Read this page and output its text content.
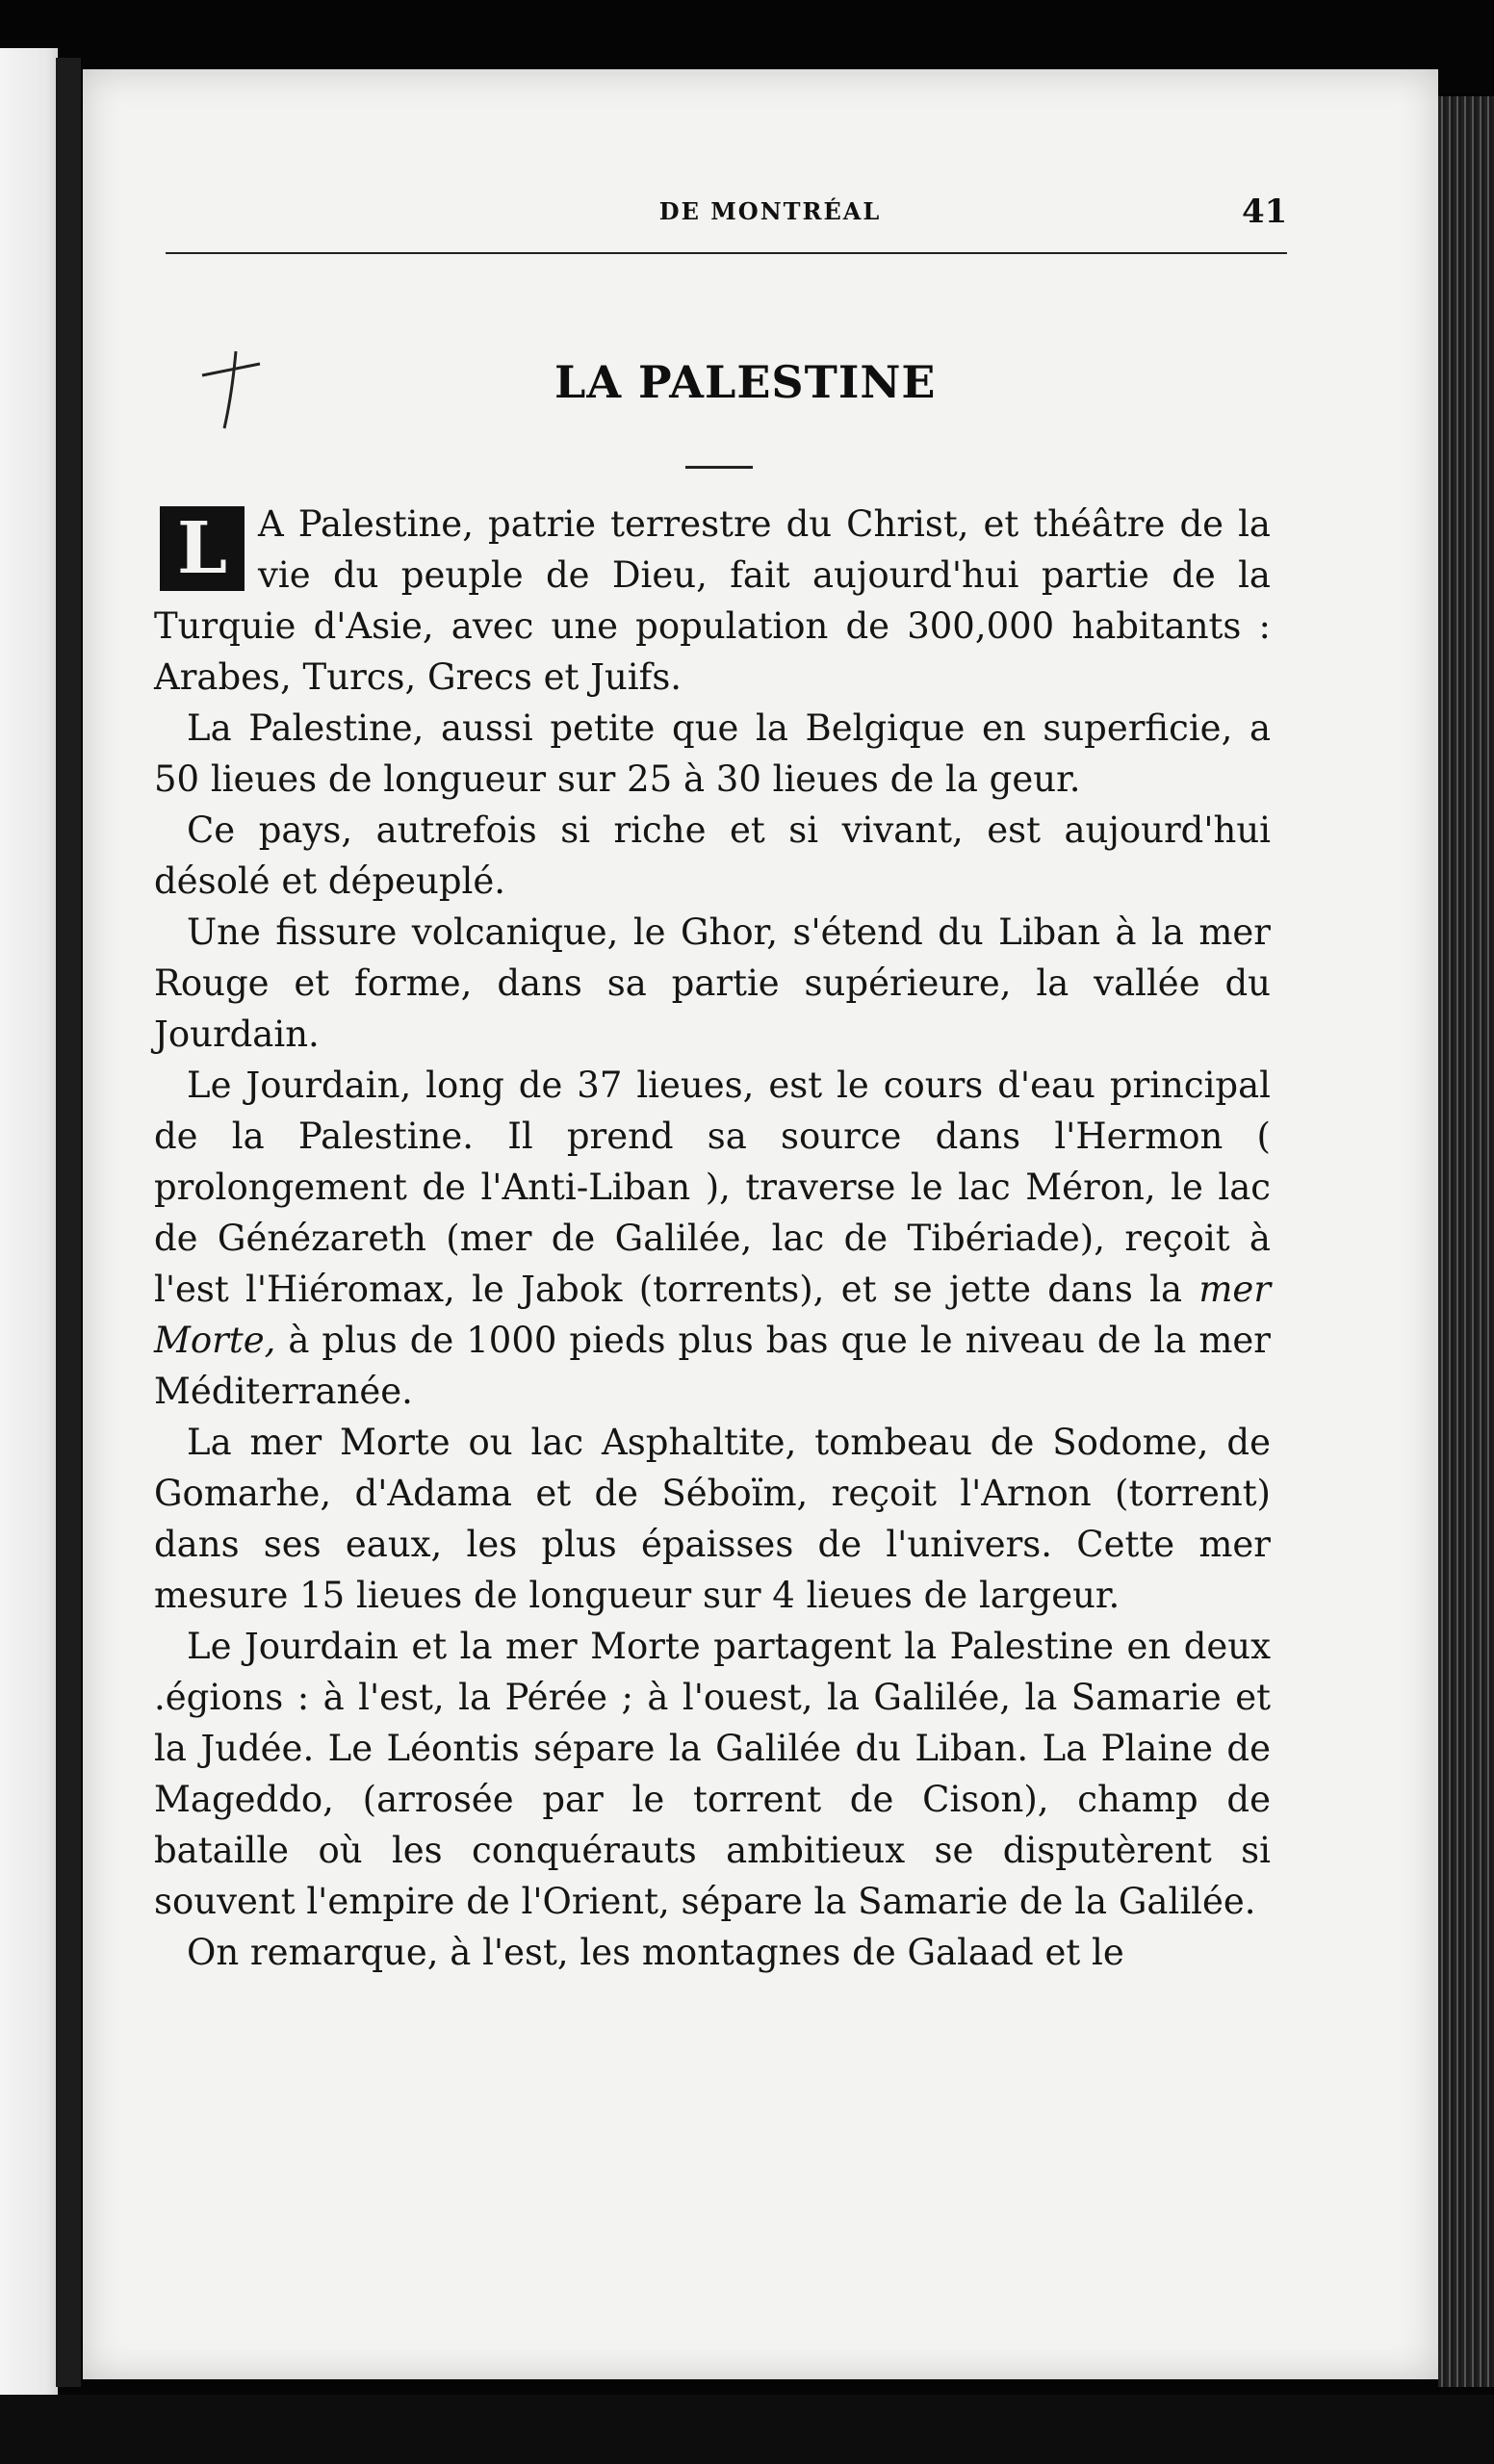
DE MONTRÉAL	41
LA PALESTINE

L A Palestine, patrie terrestre du Christ, et théâtre de la vie du peuple de Dieu, fait aujourd'hui partie de la Turquie d'Asie, avec une population de 300,000 habitants : Arabes, Turcs, Grecs et Juifs.

La Palestine, aussi petite que la Belgique en superficie, a 50 lieues de longueur sur 25 à 30 lieues de la geur.

Ce pays, autrefois si riche et si vivant, est aujourd'hui désolé et dépeuplé.

Une fissure volcanique, le Ghor, s'étend du Liban à la mer Rouge et forme, dans sa partie supérieure, la vallée du Jourdain.

Le Jourdain, long de 37 lieues, est le cours d'eau principal de la Palestine. Il prend sa source dans l'Hermon ( prolongement de l'Anti-Liban ), traverse le lac Méron, le lac de Génézareth (mer de Galilée, lac de Tibériade), reçoit à l'est l'Hiéromax, le Jabok (torrents), et se jette dans la mer Morte, à plus de 1000 pieds plus bas que le niveau de la mer Méditerranée.

La mer Morte ou lac Asphaltite, tombeau de Sodome, de Gomarhe, d'Adama et de Séboïm, reçoit l'Arnon (torrent) dans ses eaux, les plus épaisses de l'univers. Cette mer mesure 15 lieues de longueur sur 4 lieues de largeur.

Le Jourdain et la mer Morte partagent la Palestine en deux .égions : à l'est, la Pérée ; à l'ouest, la Galilée, la Samarie et la Judée. Le Léontis sépare la Galilée du Liban. La Plaine de Mageddo, (arrosée par le torrent de Cison), champ de bataille où les conquérauts ambitieux se disputèrent si souvent l'empire de l'Orient, sépare la Samarie de la Galilée.

On remarque, à l'est, les montagnes de Galaad et le
